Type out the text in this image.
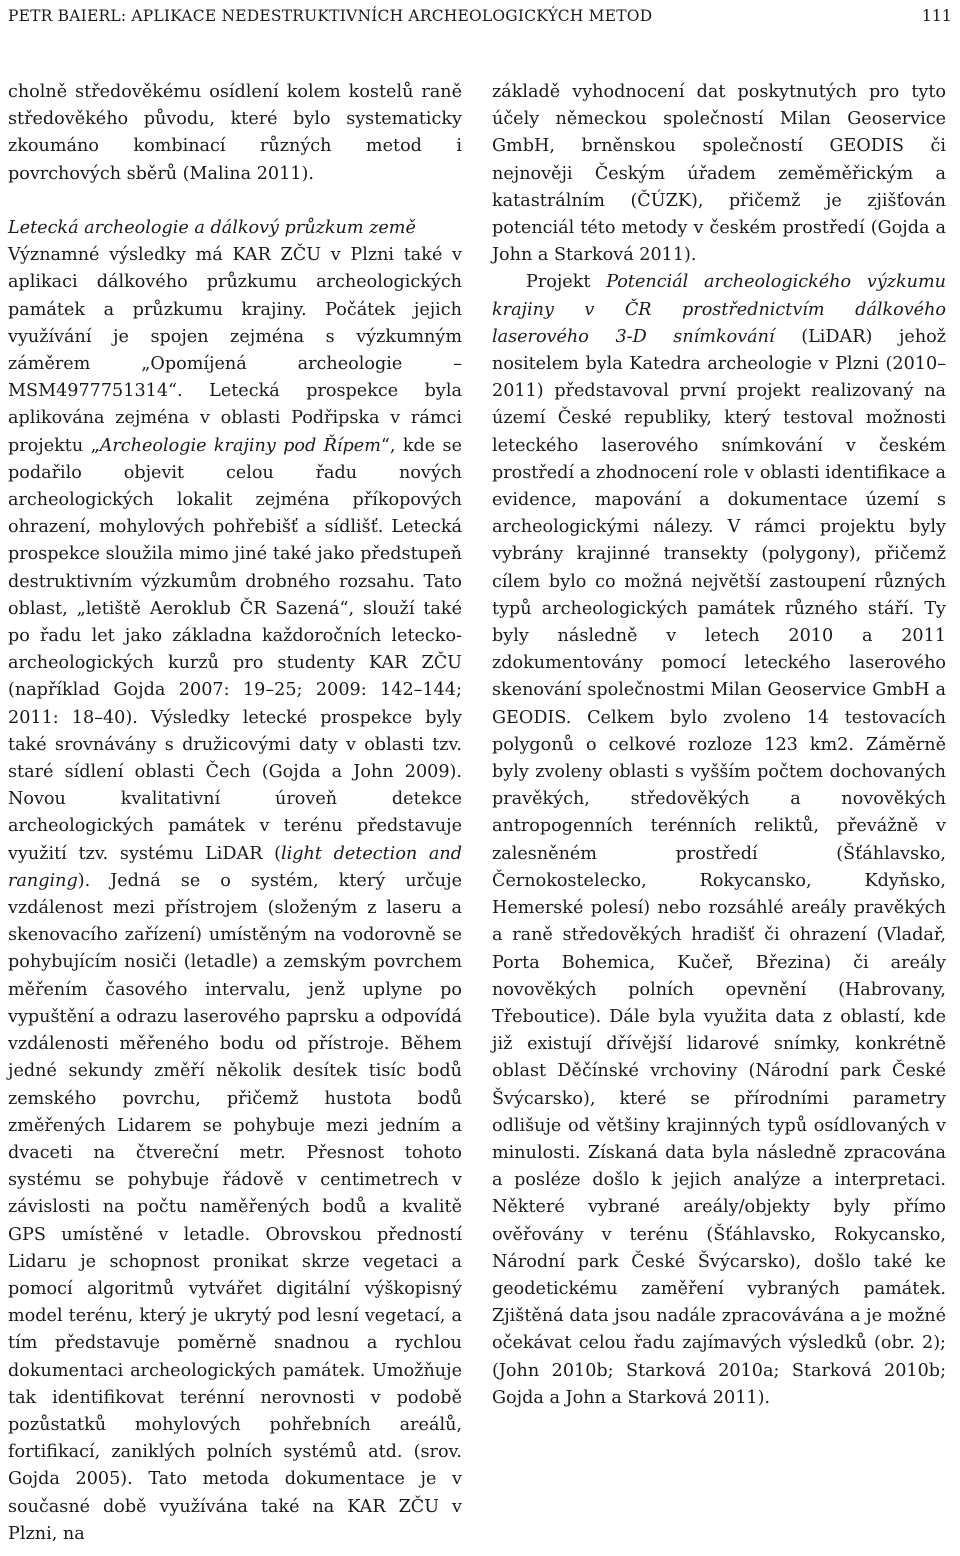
PETR BAIERL: APLIKACE NEDESTRUKTIVNÍCH ARCHEOLOGICKÝCH METOD	111

cholně středověkému osídlení kolem kostelů raně středověkého původu, které bylo systematicky zkoumáno kombinací různých metod i povrchových sběrů (Malina 2011).

Letecká archeologie a dálkový průzkum země

Významné výsledky má KAR ZČU v Plzni také v aplikaci dálkového průzkumu archeologických památek a průzkumu krajiny. Počátek jejich využívání je spojen zejména s výzkumným záměrem „Opomíjená archeologie – MSM4977751314“. Letecká prospekce byla aplikována zejména v oblasti Podřipska v rámci projektu „Archeologie krajiny pod Řípem“, kde se podařilo objevit celou řadu nových archeologických lokalit zejména příkopových ohrazení, mohylových pohřebišť a sídlišť. Letecká prospekce sloužila mimo jiné také jako předstupeň destruktivním výzkumům drobného rozsahu. Tato oblast, „letiště Aeroklub ČR Sazená“, slouží také po řadu let jako základna každoročních letecko-archeologických kurzů pro studenty KAR ZČU (například Gojda 2007: 19–25; 2009: 142–144; 2011: 18–40). Výsledky letecké prospekce byly také srovnávány s družicovými daty v oblasti tzv. staré sídlení oblasti Čech (Gojda a John 2009). Novou kvalitativní úroveň detekce archeologických památek v terénu představuje využití tzv. systému LiDAR (light detection and ranging). Jedná se o systém, který určuje vzdálenost mezi přístrojem (složeným z laseru a skenovacího zařízení) umístěným na vodorovně se pohybujícím nosiči (letadle) a zemským povrchem měřením časového intervalu, jenž uplyne po vypuštění a odrazu laserového paprsku a odpovídá vzdálenosti měřeného bodu od přístroje. Během jedné sekundy změří několik desítek tisíc bodů zemského povrchu, přičemž hustota bodů změřených Lidarem se pohybuje mezi jedním a dvaceti na čtvereční metr. Přesnost tohoto systému se pohybuje řádově v centimetrech v závislosti na počtu naměřených bodů a kvalitě GPS umístěné v letadle. Obrovskou předností Lidaru je schopnost pronikat skrze vegetaci a pomocí algoritmů vytvářet digitální výškopisný model terénu, který je ukrytý pod lesní vegetací, a tím představuje poměrně snadnou a rychlou dokumentaci archeologických památek. Umožňuje tak identifikovat terénní nerovnosti v podobě pozůstatků mohylových pohřebních areálů, fortifikací, zaniklých polních systémů atd. (srov. Gojda 2005). Tato metoda dokumentace je v současné době využívána také na KAR ZČU v Plzni, na

základě vyhodnocení dat poskytnutých pro tyto účely německou společností Milan Geoservice GmbH, brněnskou společností GEODIS či nejnověji Českým úřadem zeměměřickým a katastrálním (ČÚZK), přičemž je zjišťován potenciál této metody v českém prostředí (Gojda a John a Starková 2011).

Projekt Potenciál archeologického výzkumu krajiny v ČR prostřednictvím dálkového laserového 3-D snímkování (LiDAR) jehož nositelem byla Katedra archeologie v Plzni (2010–2011) představoval první projekt realizovaný na území České republiky, který testoval možnosti leteckého laserového snímkování v českém prostředí a zhodnocení role v oblasti identifikace a evidence, mapování a dokumentace území s archeologickými nálezy. V rámci projektu byly vybrány krajinné transekty (polygony), přičemž cílem bylo co možná největší zastoupení různých typů archeologických památek různého stáří. Ty byly následně v letech 2010 a 2011 zdokumentovány pomocí leteckého laserového skenování společnostmi Milan Geoservice GmbH a GEODIS. Celkem bylo zvoleno 14 testovacích polygonů o celkové rozloze 123 km2. Záměrně byly zvoleny oblasti s vyšším počtem dochovaných pravěkých, středověkých a novověkých antropogenních terénních reliktů, převážně v zalesněném prostředí (Šťáhlavsko, Černokostelecko, Rokycansko, Kdyňsko, Hemerské polesí) nebo rozsáhlé areály pravěkých a raně středověkých hradišť či ohrazení (Vladař, Porta Bohemica, Kučeř, Březina) či areály novověkých polních opevnění (Habrovany, Třeboutice). Dále byla využita data z oblastí, kde již existují dřívější lidarové snímky, konkrétně oblast Děčínské vrchoviny (Národní park České Švýcarsko), které se přírodními parametry odlišuje od většiny krajinných typů osídlovaných v minulosti. Získaná data byla následně zpracována a posléze došlo k jejich analýze a interpretaci. Některé vybrané areály/objekty byly přímo ověřovány v terénu (Šťáhlavsko, Rokycansko, Národní park České Švýcarsko), došlo také ke geodetickému zaměření vybraných památek. Zjištěná data jsou nadále zpracovávána a je možné očekávat celou řadu zajímavých výsledků (obr. 2); (John 2010b; Starková 2010a; Starková 2010b; Gojda a John a Starková 2011).
